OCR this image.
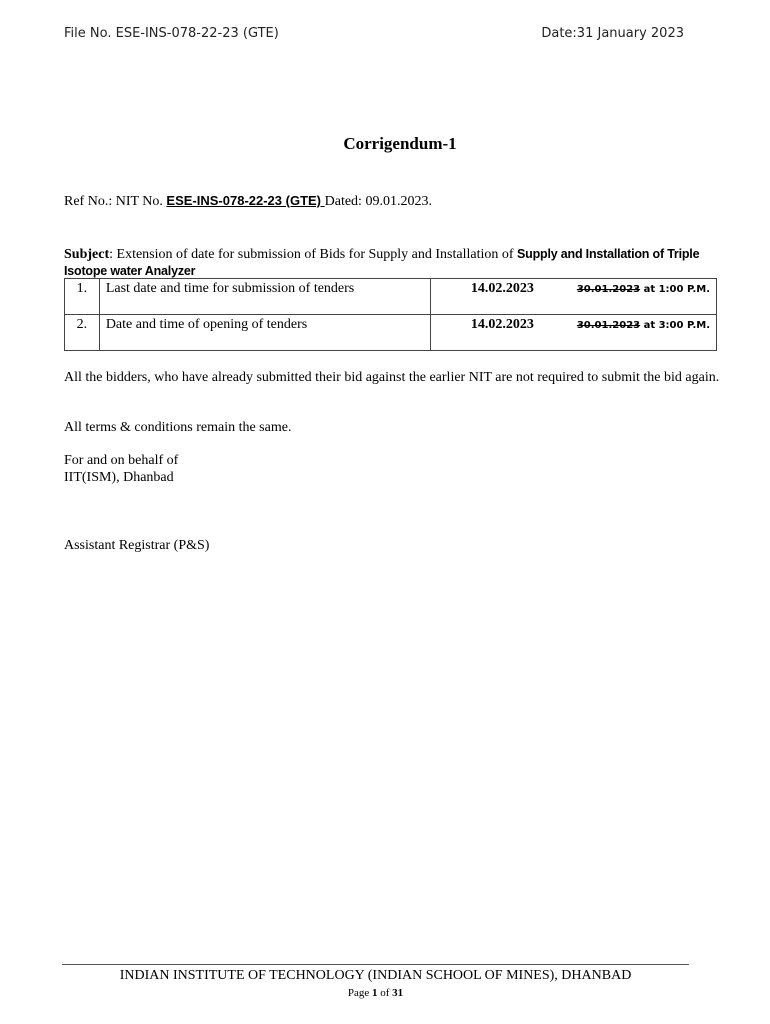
File No. ESE-INS-078-22-23 (GTE)	Date:31 January 2023
Corrigendum-1
Ref No.: NIT No. ESE-INS-078-22-23 (GTE) Dated: 09.01.2023.
Subject: Extension of date for submission of Bids for Supply and Installation of Supply and Installation of Triple Isotope water Analyzer
1.	Last date and time for submission of tenders	14.02.2023 30.01.2023 at 1:00 P.M.
2.	Date and time of opening of tenders	14.02.2023 30.01.2023 at 3:00 P.M.
All the bidders, who have already submitted their bid against the earlier NIT are not required to submit the bid again.
All terms & conditions remain the same.
For and on behalf of
IIT(ISM), Dhanbad
Assistant Registrar (P&S)
INDIAN INSTITUTE OF TECHNOLOGY (INDIAN SCHOOL OF MINES), DHANBAD
Page 1 of 31
